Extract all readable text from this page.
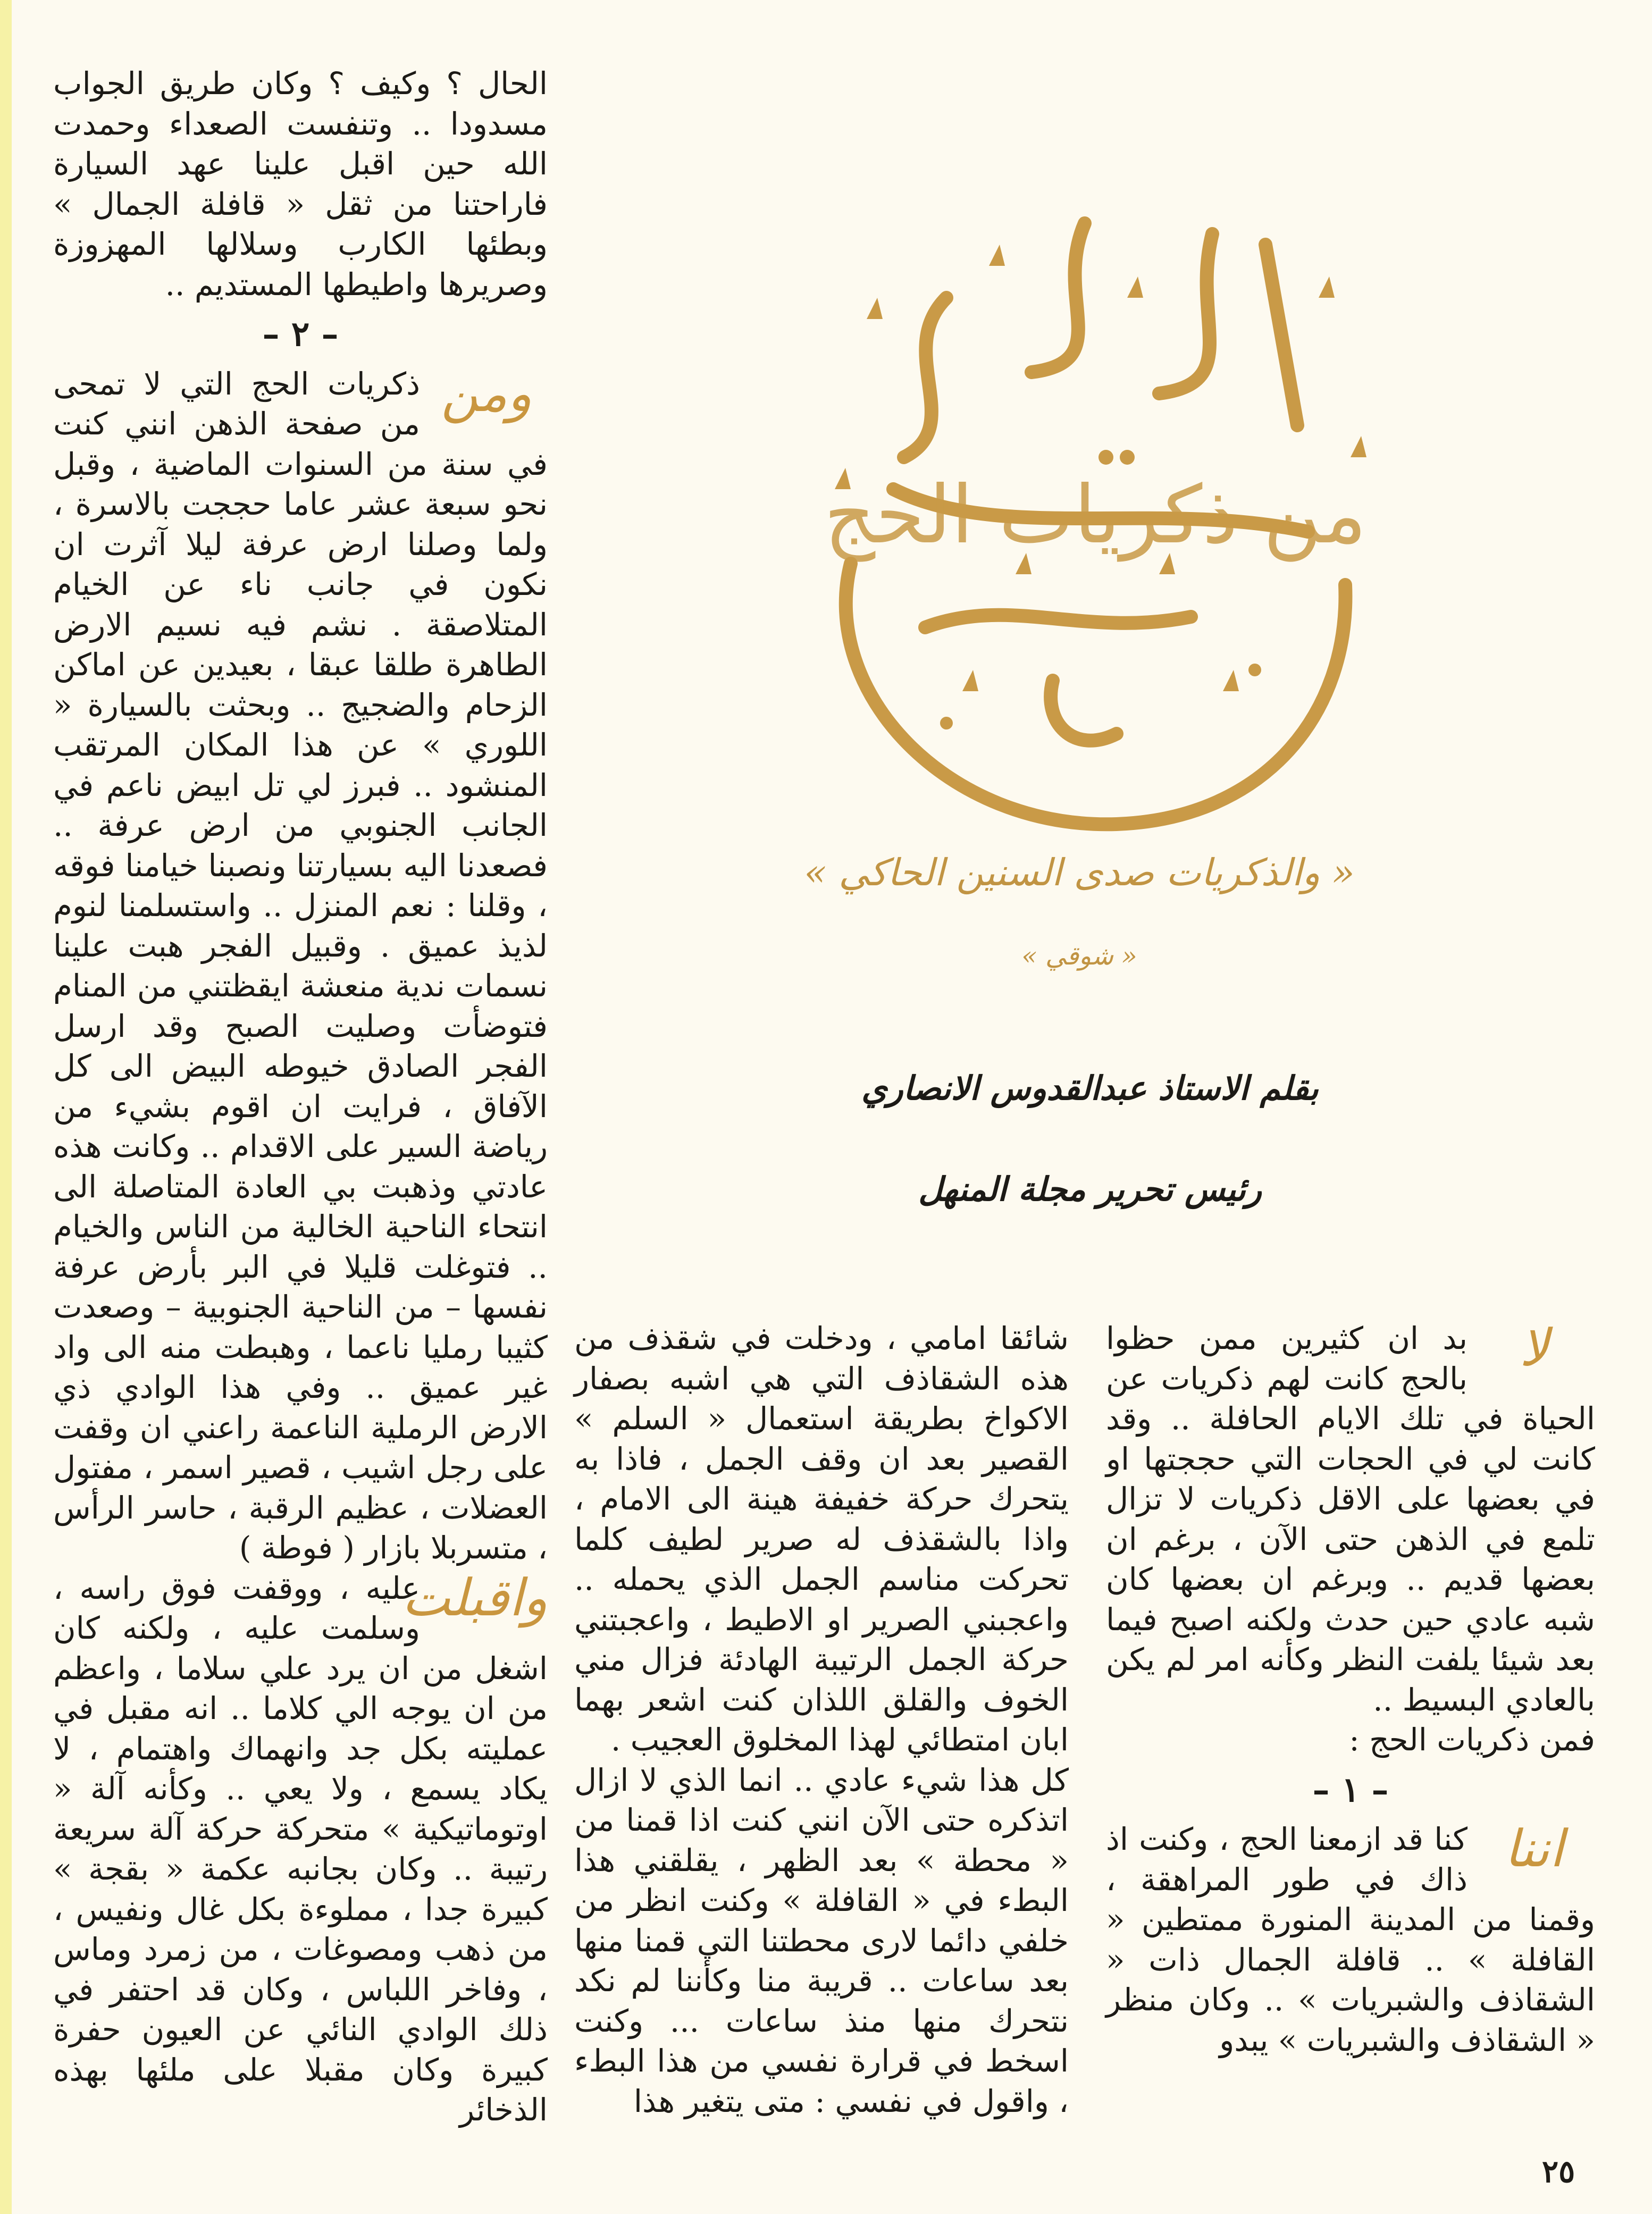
الحال ؟ وكيف ؟ وكان طريق الجواب مسدودا .. وتنفست الصعداء وحمدت الله حين اقبل علينا عهد السيارة فاراحتنا من ثقل « قافلة الجمال » وبطئها الكارب وسلالها المهزوزة وصريرها واطيطها المستديم ..

– ٢ –

ومن
ذكريات الحج التي لا تمحى من صفحة الذهن انني كنت في سنة من السنوات الماضية ، وقبل نحو سبعة عشر عاما حججت بالاسرة ، ولما وصلنا ارض عرفة ليلا آثرت ان نكون في جانب ناء عن الخيام المتلاصقة . نشم فيه نسيم الارض الطاهرة طلقا عبقا ، بعيدين عن اماكن الزحام والضجيج .. وبحثت بالسيارة « اللوري » عن هذا المكان المرتقب المنشود .. فبرز لي تل ابيض ناعم في الجانب الجنوبي من ارض عرفة .. فصعدنا اليه بسيارتنا ونصبنا خيامنا فوقه ، وقلنا : نعم المنزل .. واستسلمنا لنوم لذيذ عميق . وقبيل الفجر هبت علينا نسمات ندية منعشة ايقظتني من المنام فتوضأت وصليت الصبح وقد ارسل الفجر الصادق خيوطه البيض الى كل الآفاق ، فرايت ان اقوم بشيء من رياضة السير على الاقدام .. وكانت هذه عادتي وذهبت بي العادة المتاصلة الى انتحاء الناحية الخالية من الناس والخيام .. فتوغلت قليلا في البر بأرض عرفة نفسها – من الناحية الجنوبية – وصعدت كثيبا رمليا ناعما ، وهبطت منه الى واد غير عميق .. وفي هذا الوادي ذي الارض الرملية الناعمة راعني ان وقفت على رجل اشيب ، قصير اسمر ، مفتول العضلات ، عظيم الرقبة ، حاسر الرأس ، متسربلا بازار ( فوطة )

واقبلت
عليه ، ووقفت فوق راسه ، وسلمت عليه ، ولكنه كان اشغل من ان يرد علي سلاما ، واعظم من ان يوجه الي كلاما .. انه مقبل في عمليته بكل جد وانهماك واهتمام ، لا يكاد يسمع ، ولا يعي .. وكأنه آلة « اوتوماتيكية » متحركة حركة آلة سريعة رتيبة .. وكان بجانبه عكمة « بقجة » كبيرة جدا ، مملوءة بكل غال ونفيس ، من ذهب ومصوغات ، من زمرد وماس ، وفاخر اللباس ، وكان قد احتفر في ذلك الوادي النائي عن العيون حفرة كبيرة وكان مقبلا على ملئها بهذه الذخائر

من ذكريات الحج
« والذكريات صدى السنين الحاكي »
« شوقي »
بقلم الاستاذ عبدالقدوس الانصاري
رئيس تحرير مجلة المنهل

شائقا امامي ، ودخلت في شقذف من هذه الشقاذف التي هي اشبه بصفار الاكواخ بطريقة استعمال « السلم » القصير بعد ان وقف الجمل ، فاذا به يتحرك حركة خفيفة هينة الى الامام ، واذا بالشقذف له صرير لطيف كلما تحركت مناسم الجمل الذي يحمله .. واعجبني الصرير او الاطيط ، واعجبتني حركة الجمل الرتيبة الهادئة فزال مني الخوف والقلق اللذان كنت اشعر بهما ابان امتطائي لهذا المخلوق العجيب .

كل هذا شيء عادي .. انما الذي لا ازال اتذكره حتى الآن انني كنت اذا قمنا من « محطة » بعد الظهر ، يقلقني هذا البطء في « القافلة » وكنت انظر من خلفي دائما لارى محطتنا التي قمنا منها بعد ساعات .. قريبة منا وكأننا لم نكد نتحرك منها منذ ساعات ... وكنت اسخط في قرارة نفسي من هذا البطء ، واقول في نفسي : متى يتغير هذا

لا
بد ان كثيرين ممن حظوا بالحج كانت لهم ذكريات عن الحياة في تلك الايام الحافلة .. وقد كانت لي في الحجات التي حججتها او في بعضها على الاقل ذكريات لا تزال تلمع في الذهن حتى الآن ، برغم ان بعضها قديم .. وبرغم ان بعضها كان شبه عادي حين حدث ولكنه اصبح فيما بعد شيئا يلفت النظر وكأنه امر لم يكن بالعادي البسيط ..

فمن ذكريات الحج :

– ١ –

اننا
كنا قد ازمعنا الحج ، وكنت اذ ذاك في طور المراهقة ، وقمنا من المدينة المنورة ممتطين « القافلة » .. قافلة الجمال ذات « الشقاذف والشبريات » .. وكان منظر « الشقاذف والشبريات » يبدو

٢٥
